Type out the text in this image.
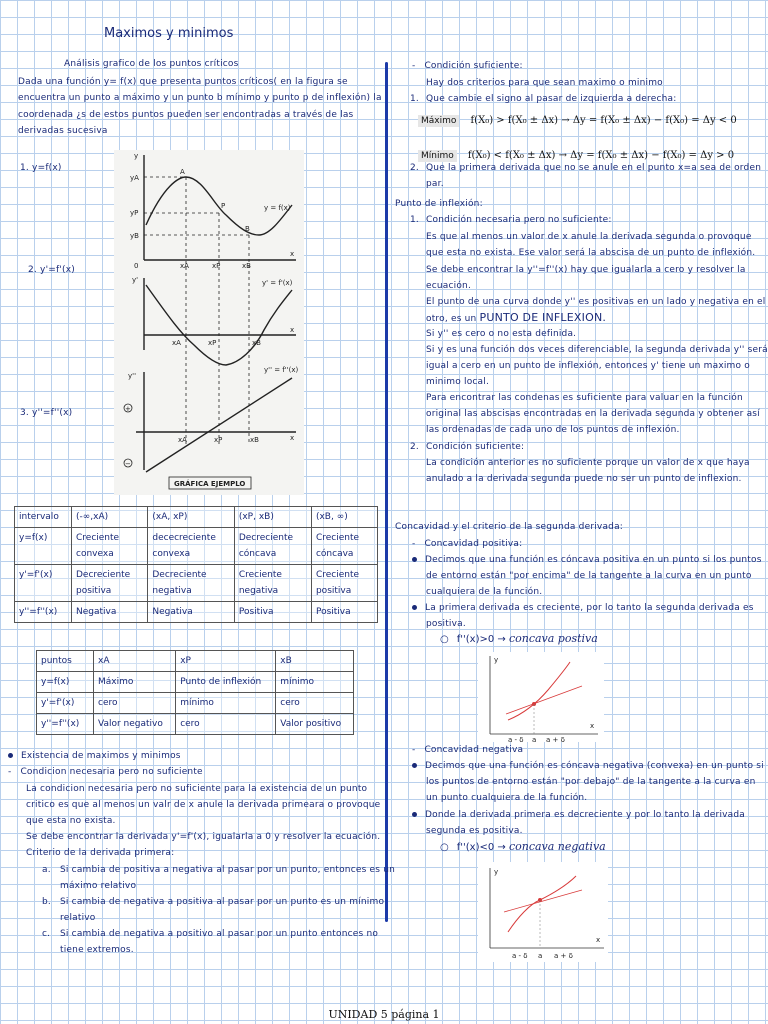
Maximos y minimos
Análisis grafico de los puntos críticos
Dada una función y= f(x) que presenta puntos críticos( en la figura se
encuentra un punto a máximo y un punto b mínimo y punto p de inflexión) la
coordenada ¿s de estos puntos pueden ser encontradas a través de las
derivadas sucesiva
1. y=f(x)
2. y'=f'(x)
3. y''=f''(x)
A
P
B
y = f(x)
yA
yP
yB
y
0
x
xA	xP	xB
y'	y' = f'(x)
x
xA	xP	xB
y''
y'' = f''(x)
+
−
x
xA	xP	xB
GRÁFICA EJEMPLO
intervalo	(-∞,xA)	(xA, xP)	(xP, xB)	(xB, ∞)
y=f(x)	Creciente convexa	dececreciente convexa	Decreciente cóncava	Creciente cóncava
y'=f'(x)	Decreciente positiva	Decreciente negativa	Creciente negativa	Creciente positiva
y''=f''(x)	Negativa	Negativa	Positiva	Positiva
puntos	xA	xP	xB
y=f(x)	Máximo	Punto de inflexión	mínimo
y'=f'(x)	cero	mínimo	cero
y''=f''(x)	Valor negativo	cero	Valor positivo
Existencia de maximos y minimos
- Condicion necesaria pero no suficiente
La condicion necesaria pero no suficiente para la existencia de un punto
critico es que al menos un valr de x anule la derivada primeara o provoque
que esta no exista.
Se debe encontrar la derivada y'=f'(x), igualarla a 0 y resolver la ecuación.
Criterio de la derivada primera:
a. Si cambia de positiva a negativa al pasar por un punto, entonces es un
máximo relativo
b. Si cambia de negativa a positiva al pasar por un punto es un mínimo
relativo
c. Si cambia de negativa a positivo al pasar por un punto entonces no
tiene extremos.
- Condición suficiente:
Hay dos criterios para que sean maximo o minimo
1. Que cambie el signo al pasar de izquierda a derecha:
Máximo f(X₀) > f(X₀ ± Δx) → Δy = f(X₀ ± Δx) − f(X₀) = Δy < 0
Mínimo f(X₀) < f(X₀ ± Δx) → Δy = f(X₀ ± Δx) − f(X₀) = Δy > 0
2. Que la primera derivada que no se anule en el punto x=a sea de orden
par.
Punto de inflexión:
1. Condición necesaria pero no suficiente:
Es que al menos un valor de x anule la derivada segunda o provoque
que esta no exista. Ese valor será la abscisa de un punto de inflexión.
Se debe encontrar la y''=f''(x) hay que igualarla a cero y resolver la
ecuación.
El punto de una curva donde y'' es positivas en un lado y negativa en el
otro, es un PUNTO DE INFLEXION.
Si y'' es cero o no esta definida.
Si y es una función dos veces diferenciable, la segunda derivada y'' será
igual a cero en un punto de inflexión, entonces y' tiene un maximo o
minimo local.
Para encontrar las condenas es suficiente para valuar en la función
original las abscisas encontradas en la derivada segunda y obtener así
las ordenadas de cada uno de los puntos de inflexión.
2. Condición suficiente:
La condición anterior es no suficiente porque un valor de x que haya
anulado a la derivada segunda puede no ser un punto de inflexion.
Concavidad y el criterio de la segunda derivada:
- Concavidad positiva:
Decimos que una función es cóncava positiva en un punto si los puntos
de entorno están "por encima" de la tangente a la curva en un punto
cualquiera de la función.
La primera derivada es creciente, por lo tanto la segunda derivada es
positiva.
○ f''(x)>0 → concava postiva
y
x
a - δ a a + δ
- Concavidad negativa
Decimos que una función es cóncava negativa (convexa) en un punto si
los puntos de entorno están "por debajo" de la tangente a la curva en
un punto cualquiera de la función.
Donde la derivada primera es decreciente y por lo tanto la derivada
segunda es positiva.
○ f''(x)<0 → concava negativa
y
x
a - δ a a + δ
UNIDAD 5 página 1
